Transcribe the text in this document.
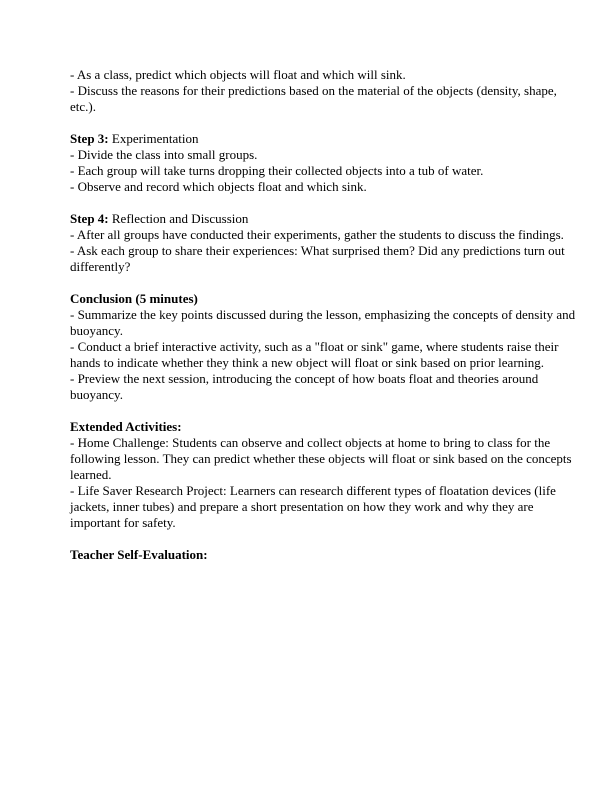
- As a class, predict which objects will float and which will sink.

- Discuss the reasons for their predictions based on the material of the objects (density, shape,

etc.).

Step 3: Experimentation

- Divide the class into small groups.

- Each group will take turns dropping their collected objects into a tub of water.

- Observe and record which objects float and which sink.

Step 4: Reflection and Discussion

- After all groups have conducted their experiments, gather the students to discuss the findings.

- Ask each group to share their experiences: What surprised them? Did any predictions turn out

differently?

Conclusion (5 minutes)

- Summarize the key points discussed during the lesson, emphasizing the concepts of density and

buoyancy.

- Conduct a brief interactive activity, such as a "float or sink" game, where students raise their

hands to indicate whether they think a new object will float or sink based on prior learning.

- Preview the next session, introducing the concept of how boats float and theories around

buoyancy.

Extended Activities:

- Home Challenge: Students can observe and collect objects at home to bring to class for the

following lesson. They can predict whether these objects will float or sink based on the concepts

learned.

- Life Saver Research Project: Learners can research different types of floatation devices (life

jackets, inner tubes) and prepare a short presentation on how they work and why they are

important for safety.

Teacher Self-Evaluation:
